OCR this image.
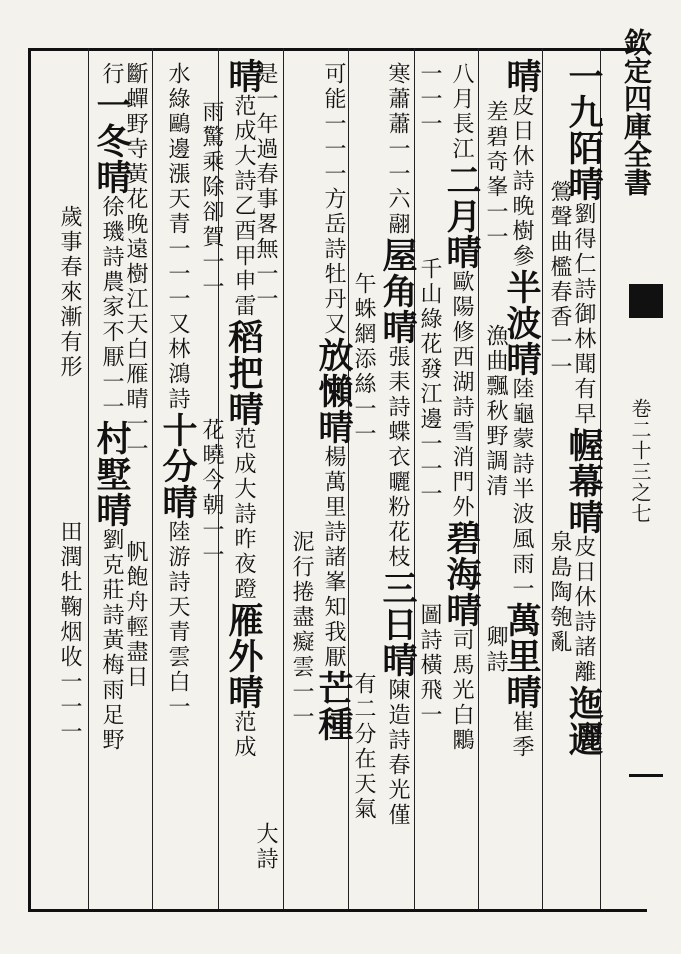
欽定四庫全書
卷二十三之七
一九陌晴劉得仁詩御林聞有早幄幕晴皮日休詩諸離迤邐
鶯聲曲檻春香一一泉島陶匏亂
晴皮日休詩晚樹參半波晴陸龜蒙詩半波風雨一萬里晴崔季
差碧奇峯一一漁曲飄秋野調清卿詩
八月長江二月晴歐陽修西湖詩雪消門外碧海晴司馬光白鷴
一一一千山綠花發江邊一一一圖詩橫飛一
寒蕭蕭一一六翮屋角晴張耒詩蝶衣曬粉花枝三日晴陳造詩春光僅
午蛛網添絲一一有二分在天氣
可能一一一方岳詩牡丹又放懶晴楊萬里詩諸峯知我厭芒種
泥行捲盡癡雲一一
是一年過春事畧無一一大詩
晴范成大詩乙酉甲申雷稻把晴范成大詩昨夜蹬雁外晴范成
雨驚乘除卻賀一一花曉今朝一一
水綠鷗邊漲天青一一一又林鴻詩十分晴陸游詩天青雲白一
斷蟬野寺黃花晚遠樹江天白雁晴一一帆飽舟輕盡日
行一冬晴徐璣詩農家不厭一一村墅晴劉克莊詩黃梅雨足野
歲事春來漸有形田潤牡鞠烟收一一一
